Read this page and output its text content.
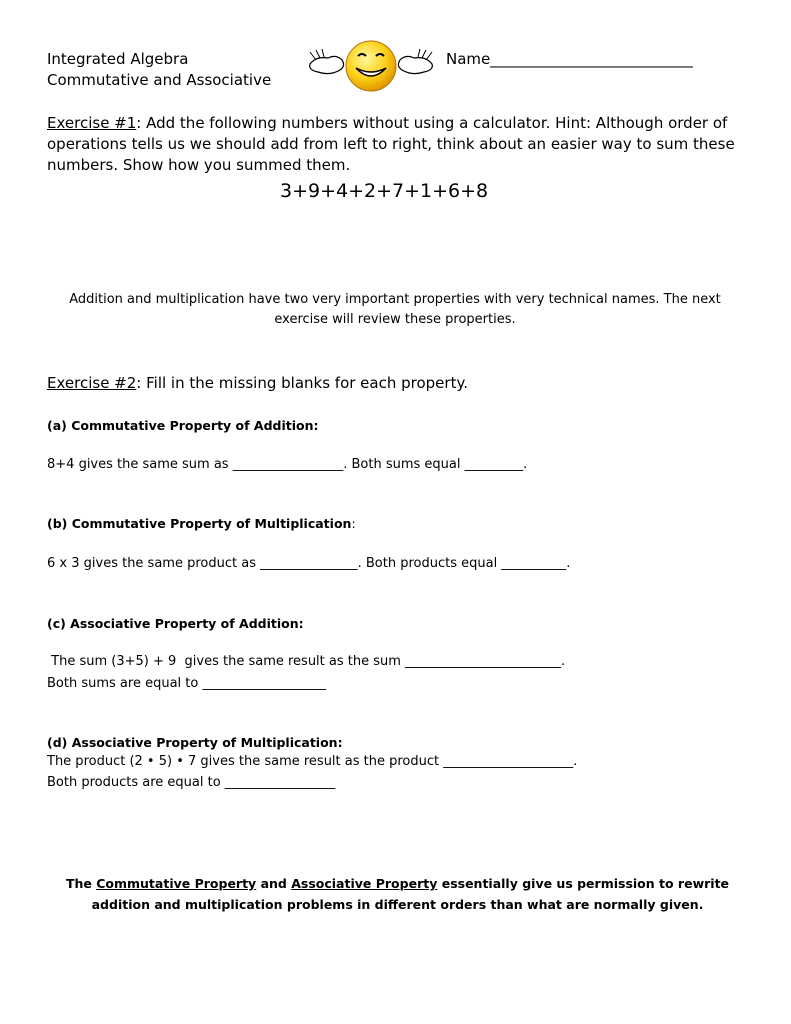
Integrated Algebra
Commutative and Associative
Name___________________________
Exercise #1: Add the following numbers without using a calculator. Hint: Although order of operations tells us we should add from left to right, think about an easier way to sum these numbers. Show how you summed them.
3+9+4+2+7+1+6+8
Addition and multiplication have two very important properties with very technical names. The next exercise will review these properties.
Exercise #2: Fill in the missing blanks for each property.
(a) Commutative Property of Addition:
8+4 gives the same sum as _________________. Both sums equal _________.
(b) Commutative Property of Multiplication:
6 x 3 gives the same product as _______________. Both products equal __________.
(c) Associative Property of Addition:
The sum (3+5) + 9  gives the same result as the sum ________________________.
Both sums are equal to ___________________
(d) Associative Property of Multiplication:
The product (2 • 5) • 7 gives the same result as the product ____________________.
Both products are equal to _________________
The Commutative Property and Associative Property essentially give us permission to rewrite
addition and multiplication problems in different orders than what are normally given.
